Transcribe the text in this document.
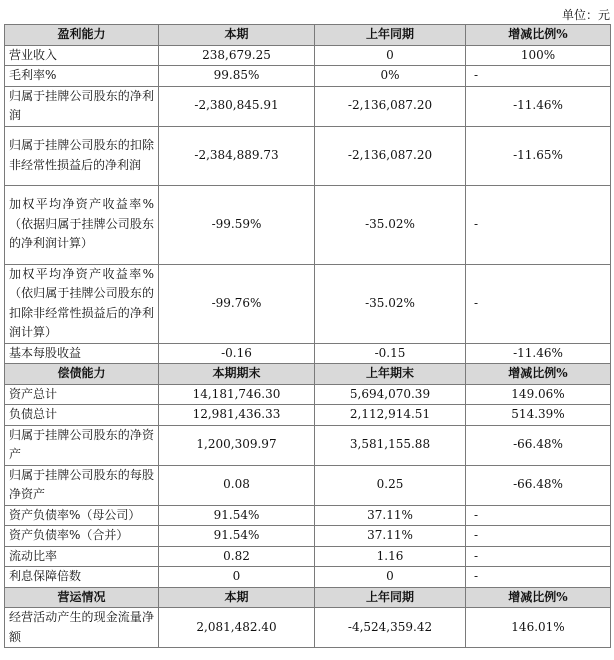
单位：元
盈利能力	本期	上年同期	增减比例%
营业收入	238,679.25	0	100%
毛利率%	99.85%	0%	-
归属于挂牌公司股东的净利润	-2,380,845.91	-2,136,087.20	-11.46%
归属于挂牌公司股东的扣除非经常性损益后的净利润	-2,384,889.73	-2,136,087.20	-11.65%
加权平均净资产收益率%（依据归属于挂牌公司股东的净利润计算）	-99.59%	-35.02%	-
加权平均净资产收益率%（依归属于挂牌公司股东的扣除非经常性损益后的净利润计算）	-99.76%	-35.02%	-
基本每股收益	-0.16	-0.15	-11.46%
偿债能力	本期期末	上年期末	增减比例%
资产总计	14,181,746.30	5,694,070.39	149.06%
负债总计	12,981,436.33	2,112,914.51	514.39%
归属于挂牌公司股东的净资产	1,200,309.97	3,581,155.88	-66.48%
归属于挂牌公司股东的每股净资产	0.08	0.25	-66.48%
资产负债率%（母公司）	91.54%	37.11%	-
资产负债率%（合并）	91.54%	37.11%	-
流动比率	0.82	1.16	-
利息保障倍数	0	0	-
营运情况	本期	上年同期	增减比例%
经营活动产生的现金流量净额	2,081,482.40	-4,524,359.42	146.01%
